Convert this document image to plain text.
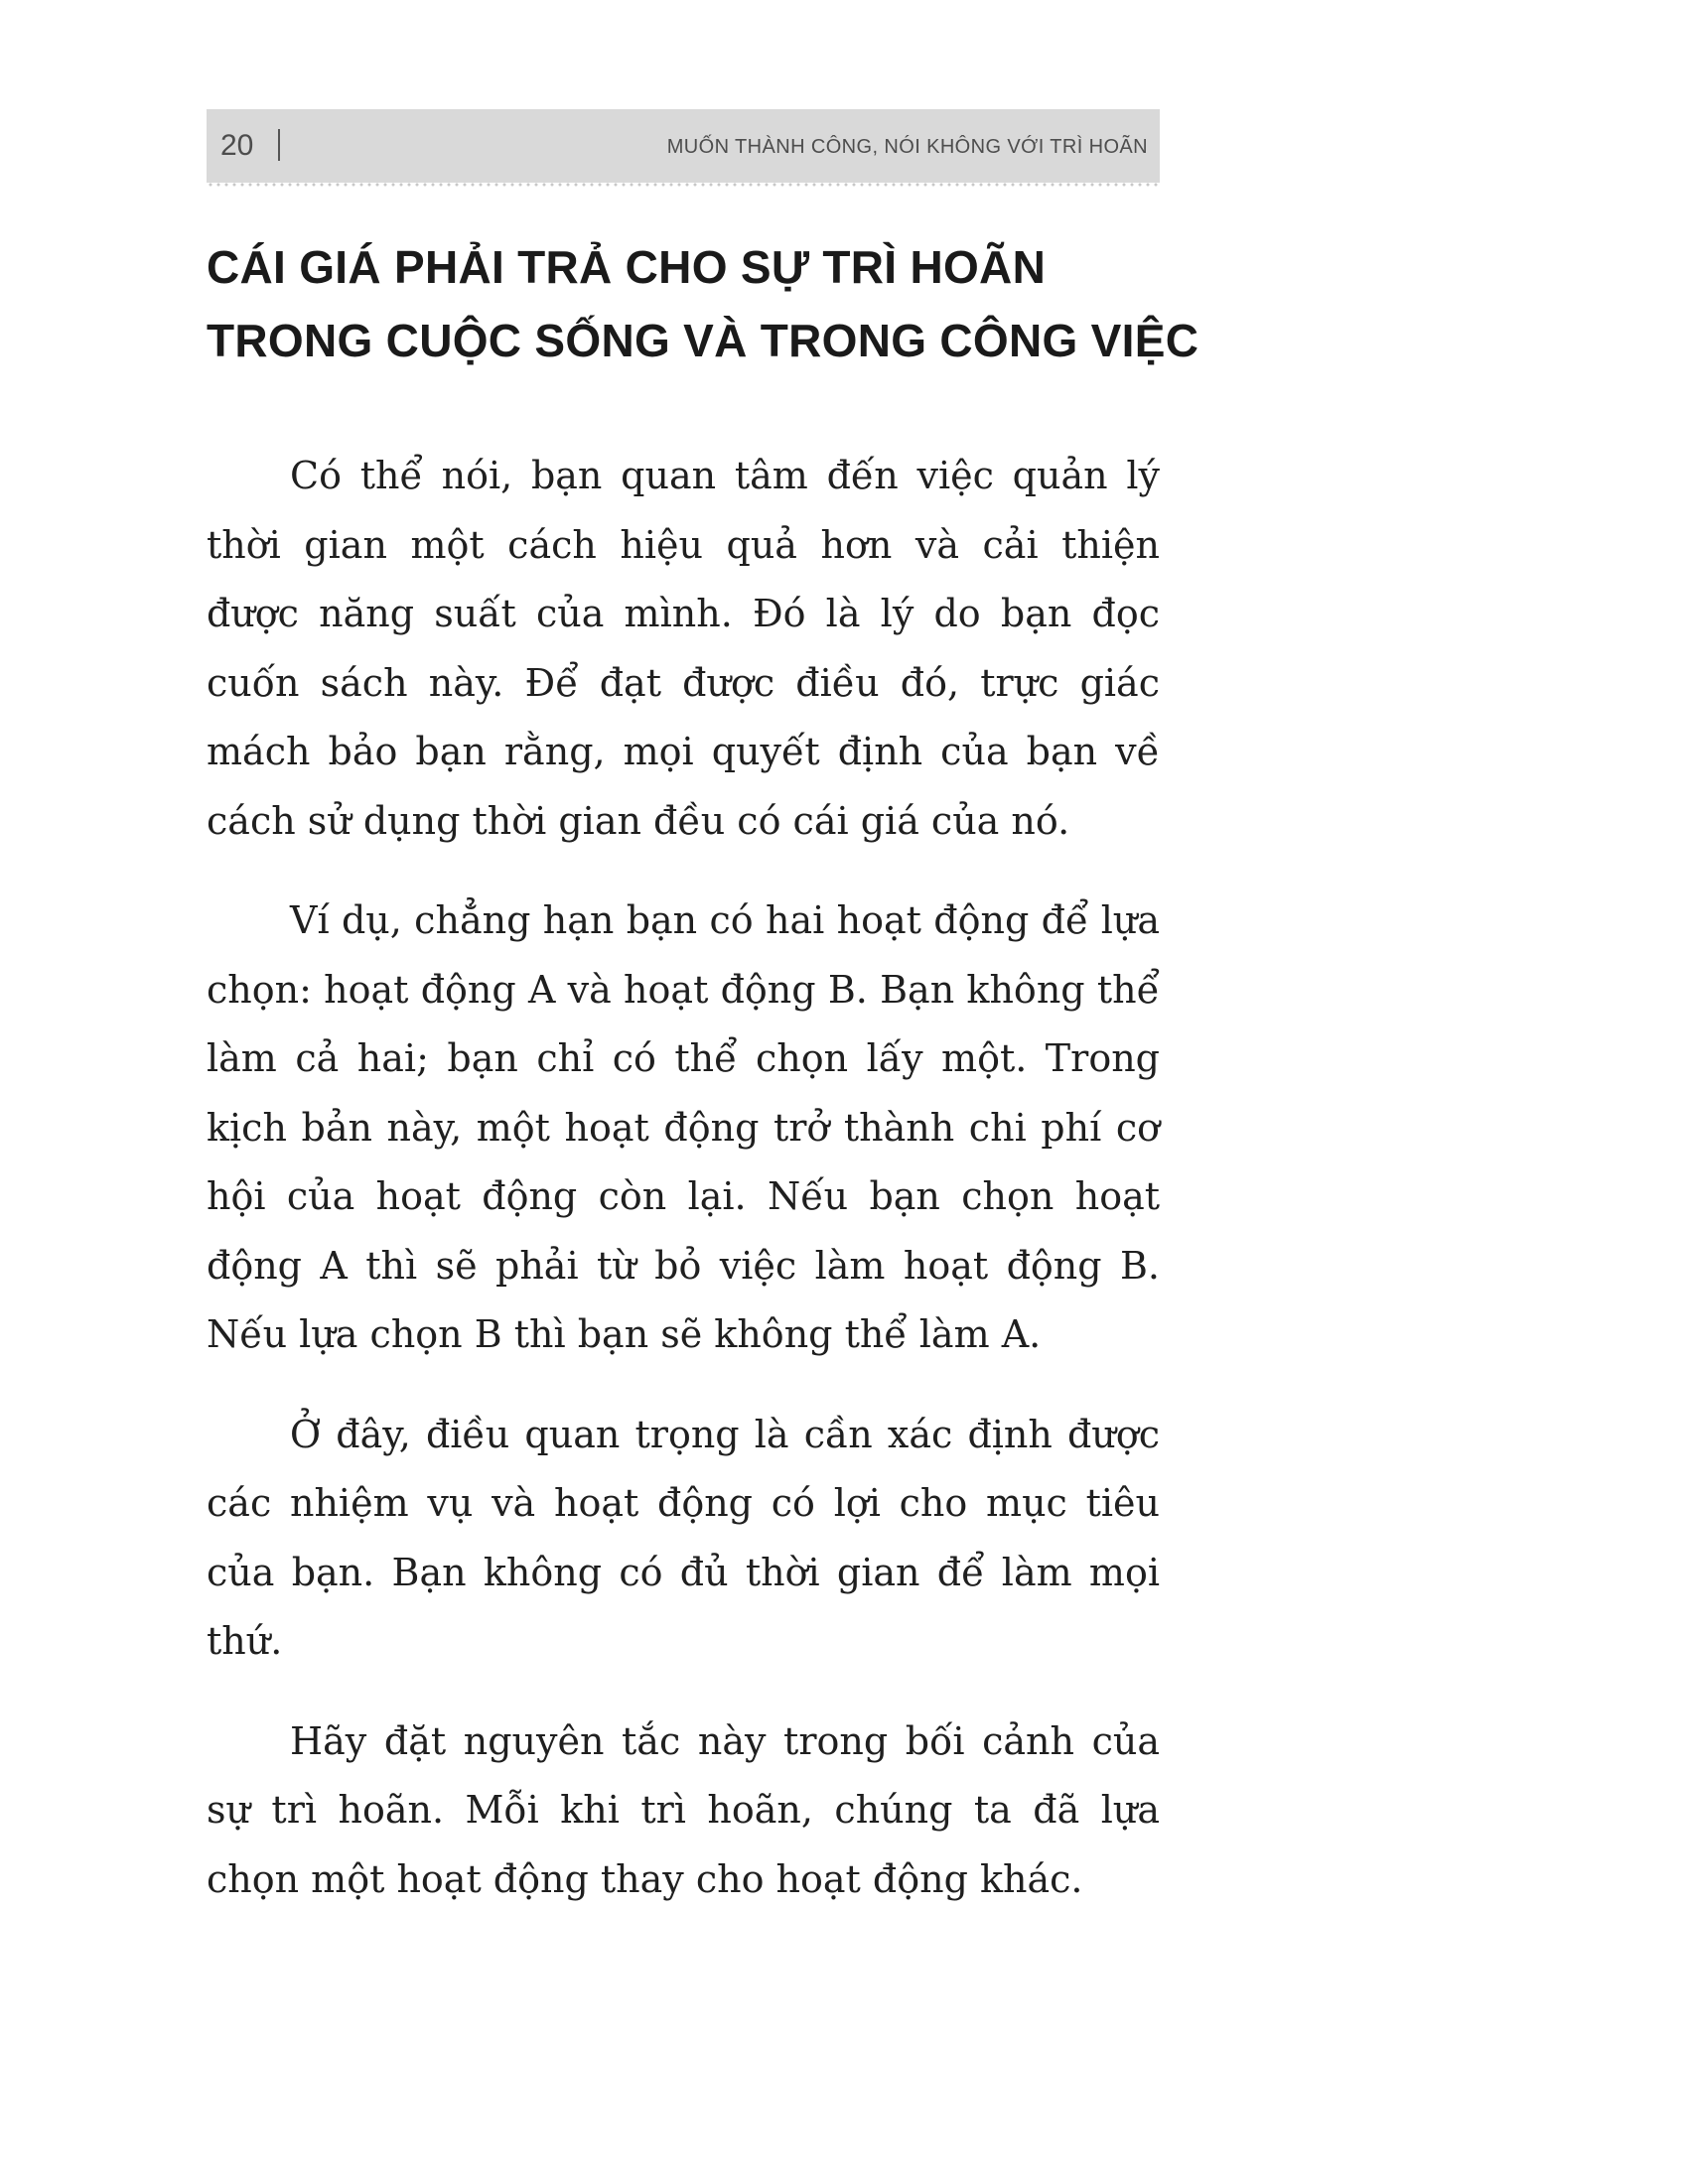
20	MUỐN THÀNH CÔNG, NÓI KHÔNG VỚI TRÌ HOÃN
CÁI GIÁ PHẢI TRẢ CHO SỰ TRÌ HOÃN
TRONG CUỘC SỐNG VÀ TRONG CÔNG VIỆC

Có thể nói, bạn quan tâm đến việc quản lý thời gian một cách hiệu quả hơn và cải thiện được năng suất của mình. Đó là lý do bạn đọc cuốn sách này. Để đạt được điều đó, trực giác mách bảo bạn rằng, mọi quyết định của bạn về cách sử dụng thời gian đều có cái giá của nó.

Ví dụ, chẳng hạn bạn có hai hoạt động để lựa chọn: hoạt động A và hoạt động B. Bạn không thể làm cả hai; bạn chỉ có thể chọn lấy một. Trong kịch bản này, một hoạt động trở thành chi phí cơ hội của hoạt động còn lại. Nếu bạn chọn hoạt động A thì sẽ phải từ bỏ việc làm hoạt động B. Nếu lựa chọn B thì bạn sẽ không thể làm A.

Ở đây, điều quan trọng là cần xác định được các nhiệm vụ và hoạt động có lợi cho mục tiêu của bạn. Bạn không có đủ thời gian để làm mọi thứ.

Hãy đặt nguyên tắc này trong bối cảnh của sự trì hoãn. Mỗi khi trì hoãn, chúng ta đã lựa chọn một hoạt động thay cho hoạt động khác.
